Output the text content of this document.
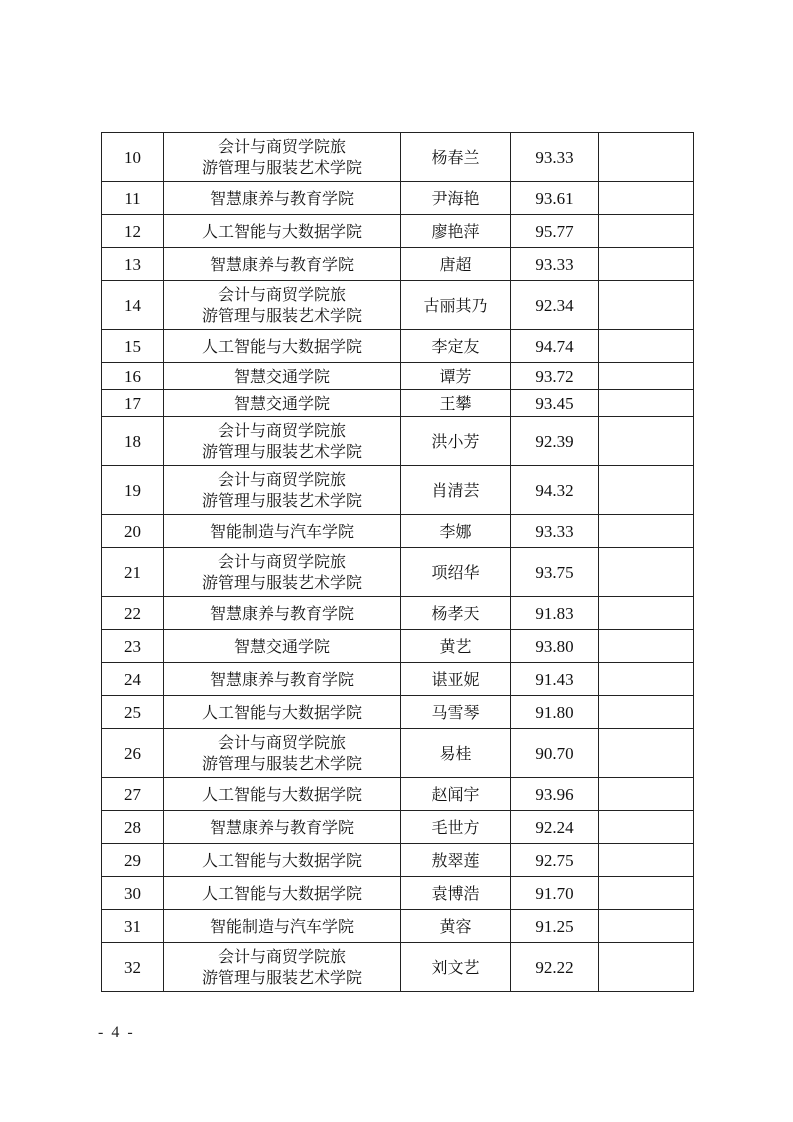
10	会计与商贸学院旅
游管理与服装艺术学院	杨春兰	93.33	
11	智慧康养与教育学院	尹海艳	93.61	
12	人工智能与大数据学院	廖艳萍	95.77	
13	智慧康养与教育学院	唐超	93.33	
14	会计与商贸学院旅
游管理与服装艺术学院	古丽其乃	92.34	
15	人工智能与大数据学院	李定友	94.74	
16	智慧交通学院	谭芳	93.72	
17	智慧交通学院	王攀	93.45	
18	会计与商贸学院旅
游管理与服装艺术学院	洪小芳	92.39	
19	会计与商贸学院旅
游管理与服装艺术学院	肖清芸	94.32	
20	智能制造与汽车学院	李娜	93.33	
21	会计与商贸学院旅
游管理与服装艺术学院	项绍华	93.75	
22	智慧康养与教育学院	杨孝天	91.83	
23	智慧交通学院	黄艺	93.80	
24	智慧康养与教育学院	谌亚妮	91.43	
25	人工智能与大数据学院	马雪琴	91.80	
26	会计与商贸学院旅
游管理与服装艺术学院	易桂	90.70	
27	人工智能与大数据学院	赵闻宇	93.96	
28	智慧康养与教育学院	毛世方	92.24	
29	人工智能与大数据学院	敖翠莲	92.75	
30	人工智能与大数据学院	袁博浩	91.70	
31	智能制造与汽车学院	黄容	91.25	
32	会计与商贸学院旅
游管理与服装艺术学院	刘文艺	92.22	
- 4 -
